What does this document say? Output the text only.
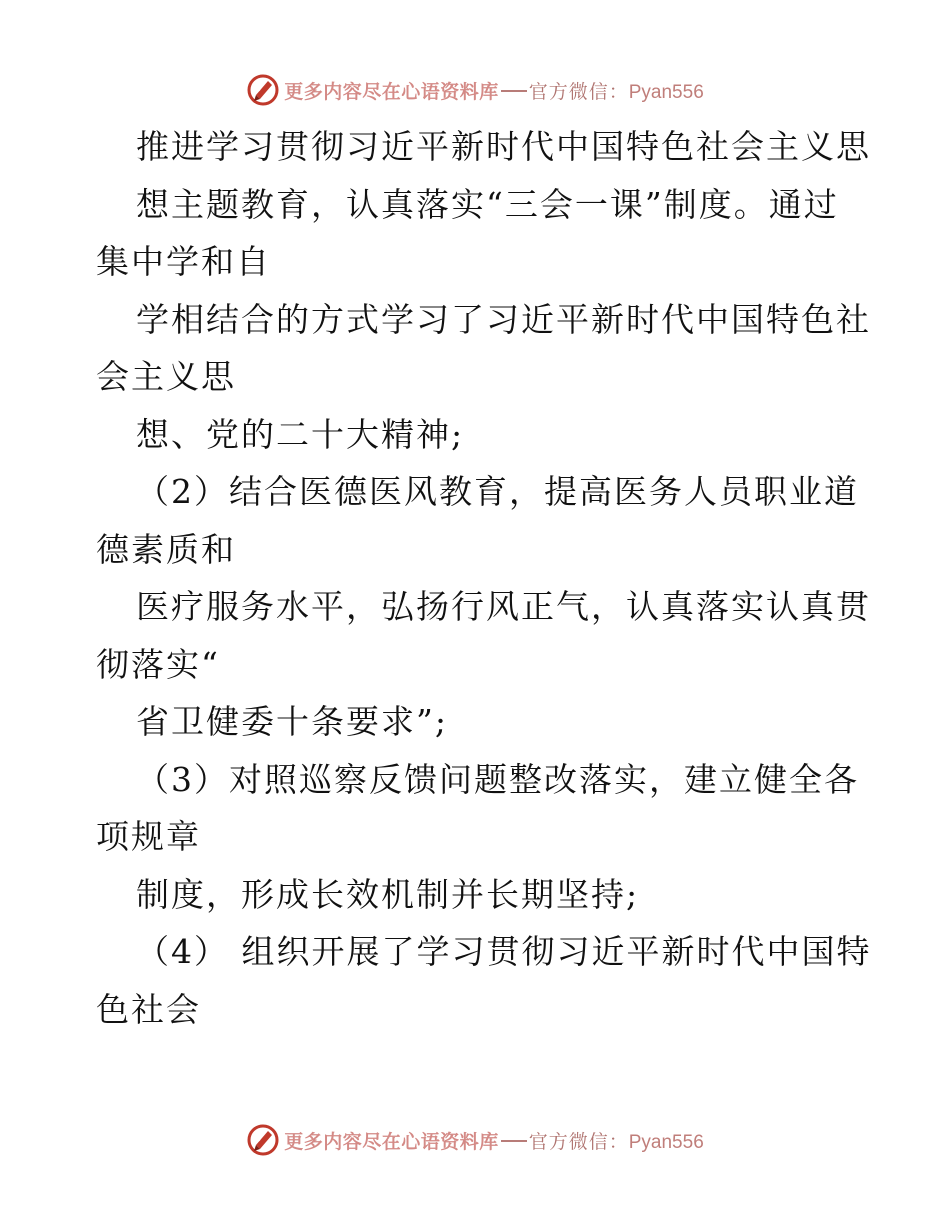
更多内容尽在心语资料库 官方微信： Pyan556
推进学习贯彻习近平新时代中国特色社会主义思
想主题教育，认真落实“三会一课”制度。通过
集中学和自
学相结合的方式学习了习近平新时代中国特色社
会主义思
想、党的二十大精神;
（2）结合医德医风教育，提高医务人员职业道
德素质和
医疗服务水平，弘扬行风正气，认真落实认真贯
彻落实“
省卫健委十条要求”;
（3）对照巡察反馈问题整改落实，建立健全各
项规章
制度，形成长效机制并长期坚持;
（4） 组织开展了学习贯彻习近平新时代中国特
色社会
更多内容尽在心语资料库 官方微信： Pyan556
